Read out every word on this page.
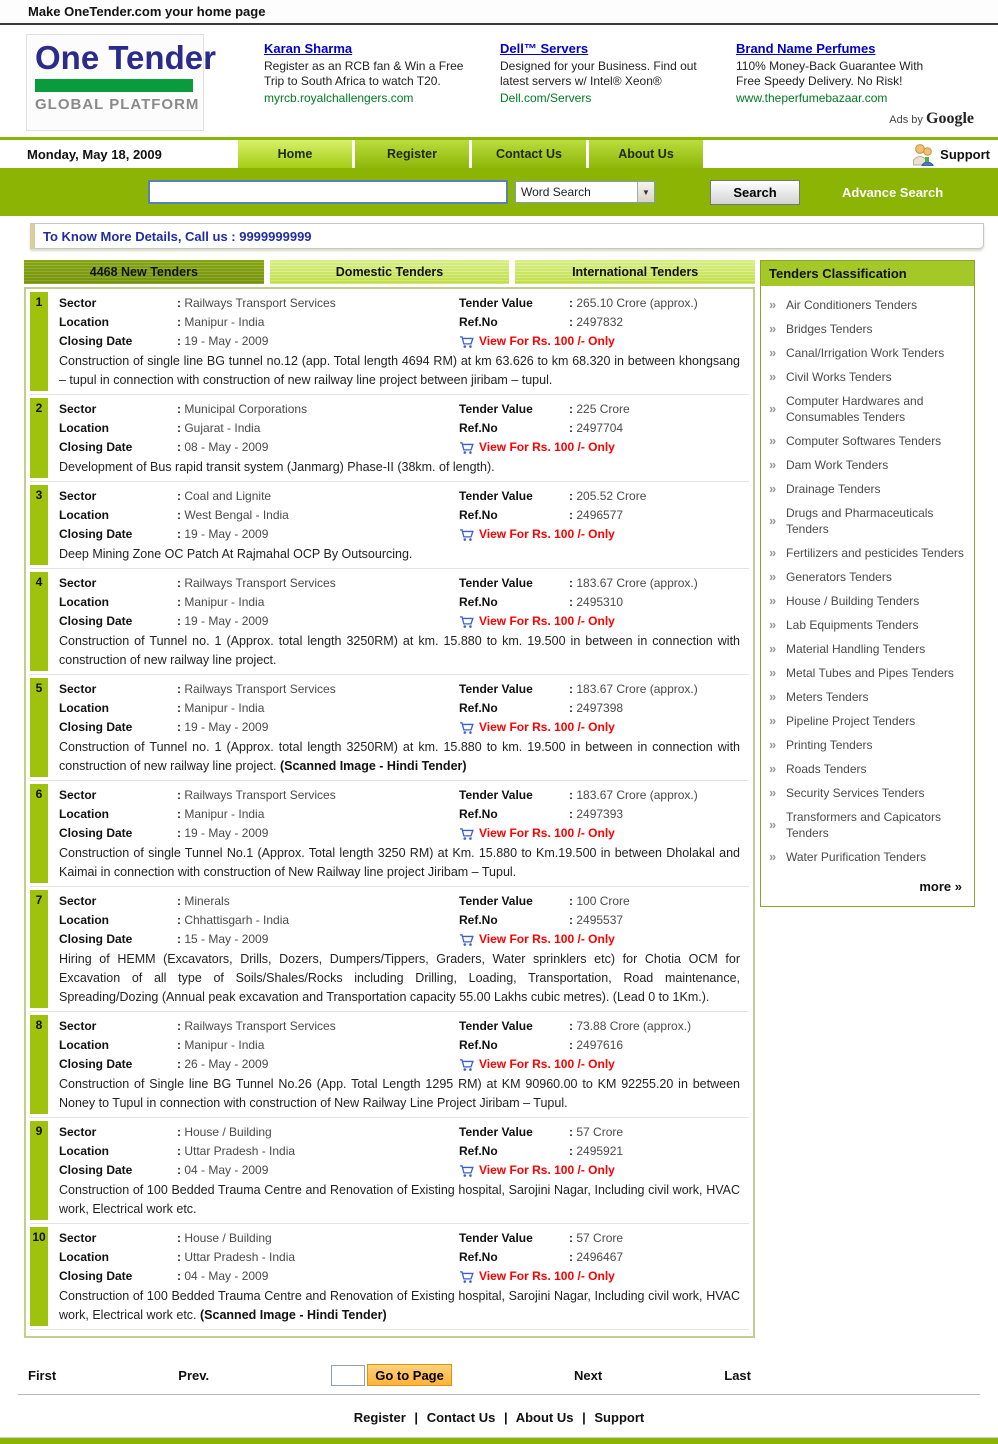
Make OneTender.com your home page
One Tender
GLOBAL PLATFORM
Karan Sharma
Register as an RCB fan & Win a Free
Trip to South Africa to watch T20.
myrcb.royalchallengers.com
Dell™ Servers
Designed for your Business. Find out
latest servers w/ Intel® Xeon®
Dell.com/Servers
Brand Name Perfumes
110% Money-Back Guarantee With
Free Speedy Delivery. No Risk!
www.theperfumebazaar.com
Ads by Google
Monday, May 18, 2009	Home	Register	Contact Us	About Us	Support
Word Search	▼	Search	Advance Search
To Know More Details, Call us : 9999999999
4468 New Tenders	Domestic Tenders	International Tenders
1	Sector	: Railways Transport Services	Tender Value	: 265.10 Crore (approx.)
Location	: Manipur - India	Ref.No	: 2497832
Closing Date	: 19 - May - 2009	View For Rs. 100 /- Only
Construction of single line BG tunnel no.12 (app. Total length 4694 RM) at km 63.626 to km 68.320 in between khongsang – tupul in connection with construction of new railway line project between jiribam – tupul.
2	Sector	: Municipal Corporations	Tender Value	: 225 Crore
Location	: Gujarat - India	Ref.No	: 2497704
Closing Date	: 08 - May - 2009	View For Rs. 100 /- Only
Development of Bus rapid transit system (Janmarg) Phase-II (38km. of length).
3	Sector	: Coal and Lignite	Tender Value	: 205.52 Crore
Location	: West Bengal - India	Ref.No	: 2496577
Closing Date	: 19 - May - 2009	View For Rs. 100 /- Only
Deep Mining Zone OC Patch At Rajmahal OCP By Outsourcing.
4	Sector	: Railways Transport Services	Tender Value	: 183.67 Crore (approx.)
Location	: Manipur - India	Ref.No	: 2495310
Closing Date	: 19 - May - 2009	View For Rs. 100 /- Only
Construction of Tunnel no. 1 (Approx. total length 3250RM) at km. 15.880 to km. 19.500 in between in connection with construction of new railway line project.
5	Sector	: Railways Transport Services	Tender Value	: 183.67 Crore (approx.)
Location	: Manipur - India	Ref.No	: 2497398
Closing Date	: 19 - May - 2009	View For Rs. 100 /- Only
Construction of Tunnel no. 1 (Approx. total length 3250RM) at km. 15.880 to km. 19.500 in between in connection with construction of new railway line project. (Scanned Image - Hindi Tender)
6	Sector	: Railways Transport Services	Tender Value	: 183.67 Crore (approx.)
Location	: Manipur - India	Ref.No	: 2497393
Closing Date	: 19 - May - 2009	View For Rs. 100 /- Only
Construction of single Tunnel No.1 (Approx. Total length 3250 RM) at Km. 15.880 to Km.19.500 in between Dholakal and Kaimai in connection with construction of New Railway line project Jiribam – Tupul.
7	Sector	: Minerals	Tender Value	: 100 Crore
Location	: Chhattisgarh - India	Ref.No	: 2495537
Closing Date	: 15 - May - 2009	View For Rs. 100 /- Only
Hiring of HEMM (Excavators, Drills, Dozers, Dumpers/Tippers, Graders, Water sprinklers etc) for Chotia OCM for Excavation of all type of Soils/Shales/Rocks including Drilling, Loading, Transportation, Road maintenance, Spreading/Dozing (Annual peak excavation and Transportation capacity 55.00 Lakhs cubic metres). (Lead 0 to 1Km.).
8	Sector	: Railways Transport Services	Tender Value	: 73.88 Crore (approx.)
Location	: Manipur - India	Ref.No	: 2497616
Closing Date	: 26 - May - 2009	View For Rs. 100 /- Only
Construction of Single line BG Tunnel No.26 (App. Total Length 1295 RM) at KM 90960.00 to KM 92255.20 in between Noney to Tupul in connection with construction of New Railway Line Project Jiribam – Tupul.
9	Sector	: House / Building	Tender Value	: 57 Crore
Location	: Uttar Pradesh - India	Ref.No	: 2495921
Closing Date	: 04 - May - 2009	View For Rs. 100 /- Only
Construction of 100 Bedded Trauma Centre and Renovation of Existing hospital, Sarojini Nagar, Including civil work, HVAC work, Electrical work etc.
10 Sector	: House / Building	Tender Value	: 57 Crore
Location	: Uttar Pradesh - India	Ref.No	: 2496467
Closing Date	: 04 - May - 2009	View For Rs. 100 /- Only
Construction of 100 Bedded Trauma Centre and Renovation of Existing hospital, Sarojini Nagar, Including civil work, HVAC work, Electrical work etc. (Scanned Image - Hindi Tender)
First	Prev.	Go to Page	Next	Last
Tenders Classification
» Air Conditioners Tenders
» Bridges Tenders
» Canal/Irrigation Work Tenders
» Civil Works Tenders
» Computer Hardwares and Consumables Tenders
» Computer Softwares Tenders
» Dam Work Tenders
» Drainage Tenders
» Drugs and Pharmaceuticals Tenders
» Fertilizers and pesticides Tenders
» Generators Tenders
» House / Building Tenders
» Lab Equipments Tenders
» Material Handling Tenders
» Metal Tubes and Pipes Tenders
» Meters Tenders
» Pipeline Project Tenders
» Printing Tenders
» Roads Tenders
» Security Services Tenders
» Transformers and Capicators Tenders
» Water Purification Tenders
more »
Register | Contact Us | About Us | Support
